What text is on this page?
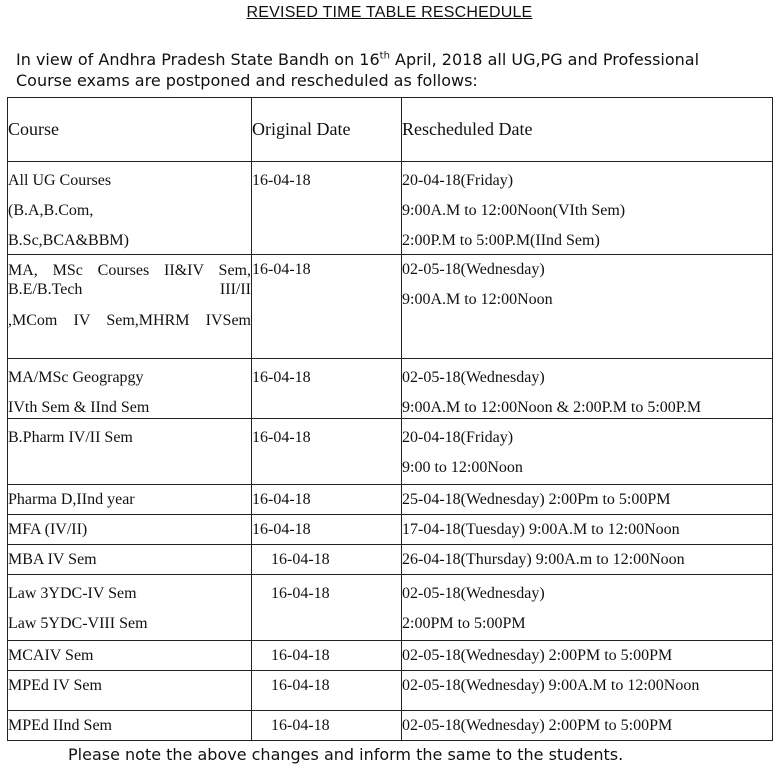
REVISED TIME TABLE RESCHEDULE

In view of Andhra Pradesh State Bandh on 16th April, 2018 all UG,PG and Professional Course exams are postponed and rescheduled as follows:

Course	Original Date	Rescheduled Date

All UG Courses
(B.A,B.Com,
B.Sc,BCA&BBM)	16-04-18	20-04-18(Friday)
9:00A.M to 12:00Noon(VIth Sem)
2:00P.M to 5:00P.M(IInd Sem)

MA, MSc Courses II&IV Sem, B.E/B.Tech III/II
,MCom IV Sem,MHRM IVSem	16-04-18	02-05-18(Wednesday)
9:00A.M to 12:00Noon

MA/MSc Geograpgy
IVth Sem & IInd Sem	16-04-18	02-05-18(Wednesday)
9:00A.M to 12:00Noon & 2:00P.M to 5:00P.M

B.Pharm IV/II Sem	16-04-18	20-04-18(Friday)
9:00 to 12:00Noon

Pharma D,IInd year	16-04-18	25-04-18(Wednesday) 2:00Pm to 5:00PM

MFA (IV/II)	16-04-18	17-04-18(Tuesday) 9:00A.M to 12:00Noon

MBA IV Sem	16-04-18	26-04-18(Thursday) 9:00A.m to 12:00Noon

Law 3YDC-IV Sem
Law 5YDC-VIII Sem	16-04-18	02-05-18(Wednesday)
2:00PM to 5:00PM

MCAIV Sem	16-04-18	02-05-18(Wednesday) 2:00PM to 5:00PM

MPEd IV Sem	16-04-18	02-05-18(Wednesday) 9:00A.M to 12:00Noon

MPEd IInd Sem	16-04-18	02-05-18(Wednesday) 2:00PM to 5:00PM
Please note the above changes and inform the same to the students.
